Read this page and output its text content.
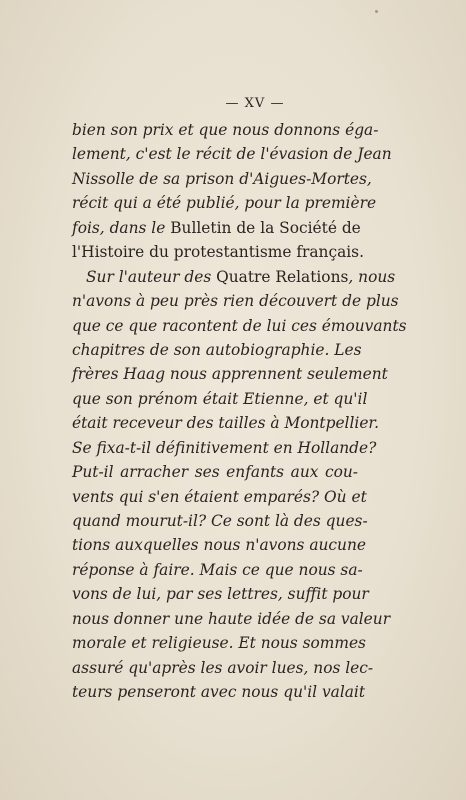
— XV —
bien son prix et que nous donnons éga-
lement, c'est le récit de l'évasion de Jean
Nissolle de sa prison d'Aigues-Mortes,
récit qui a été publié, pour la première
fois, dans le Bulletin de la Société de
l'Histoire du protestantisme français.
Sur l'auteur des Quatre Relations, nous
n'avons à peu près rien découvert de plus
que ce que racontent de lui ces émouvants
chapitres de son autobiographie. Les
frères Haag nous apprennent seulement
que son prénom était Etienne, et qu'il
était receveur des tailles à Montpellier.
Se fixa-t-il définitivement en Hollande?
Put-il arracher ses enfants aux cou-
vents qui s'en étaient emparés? Où et
quand mourut-il? Ce sont là des ques-
tions auxquelles nous n'avons aucune
réponse à faire. Mais ce que nous sa-
vons de lui, par ses lettres, suffit pour
nous donner une haute idée de sa valeur
morale et religieuse. Et nous sommes
assuré qu'après les avoir lues, nos lec-
teurs penseront avec nous qu'il valait
